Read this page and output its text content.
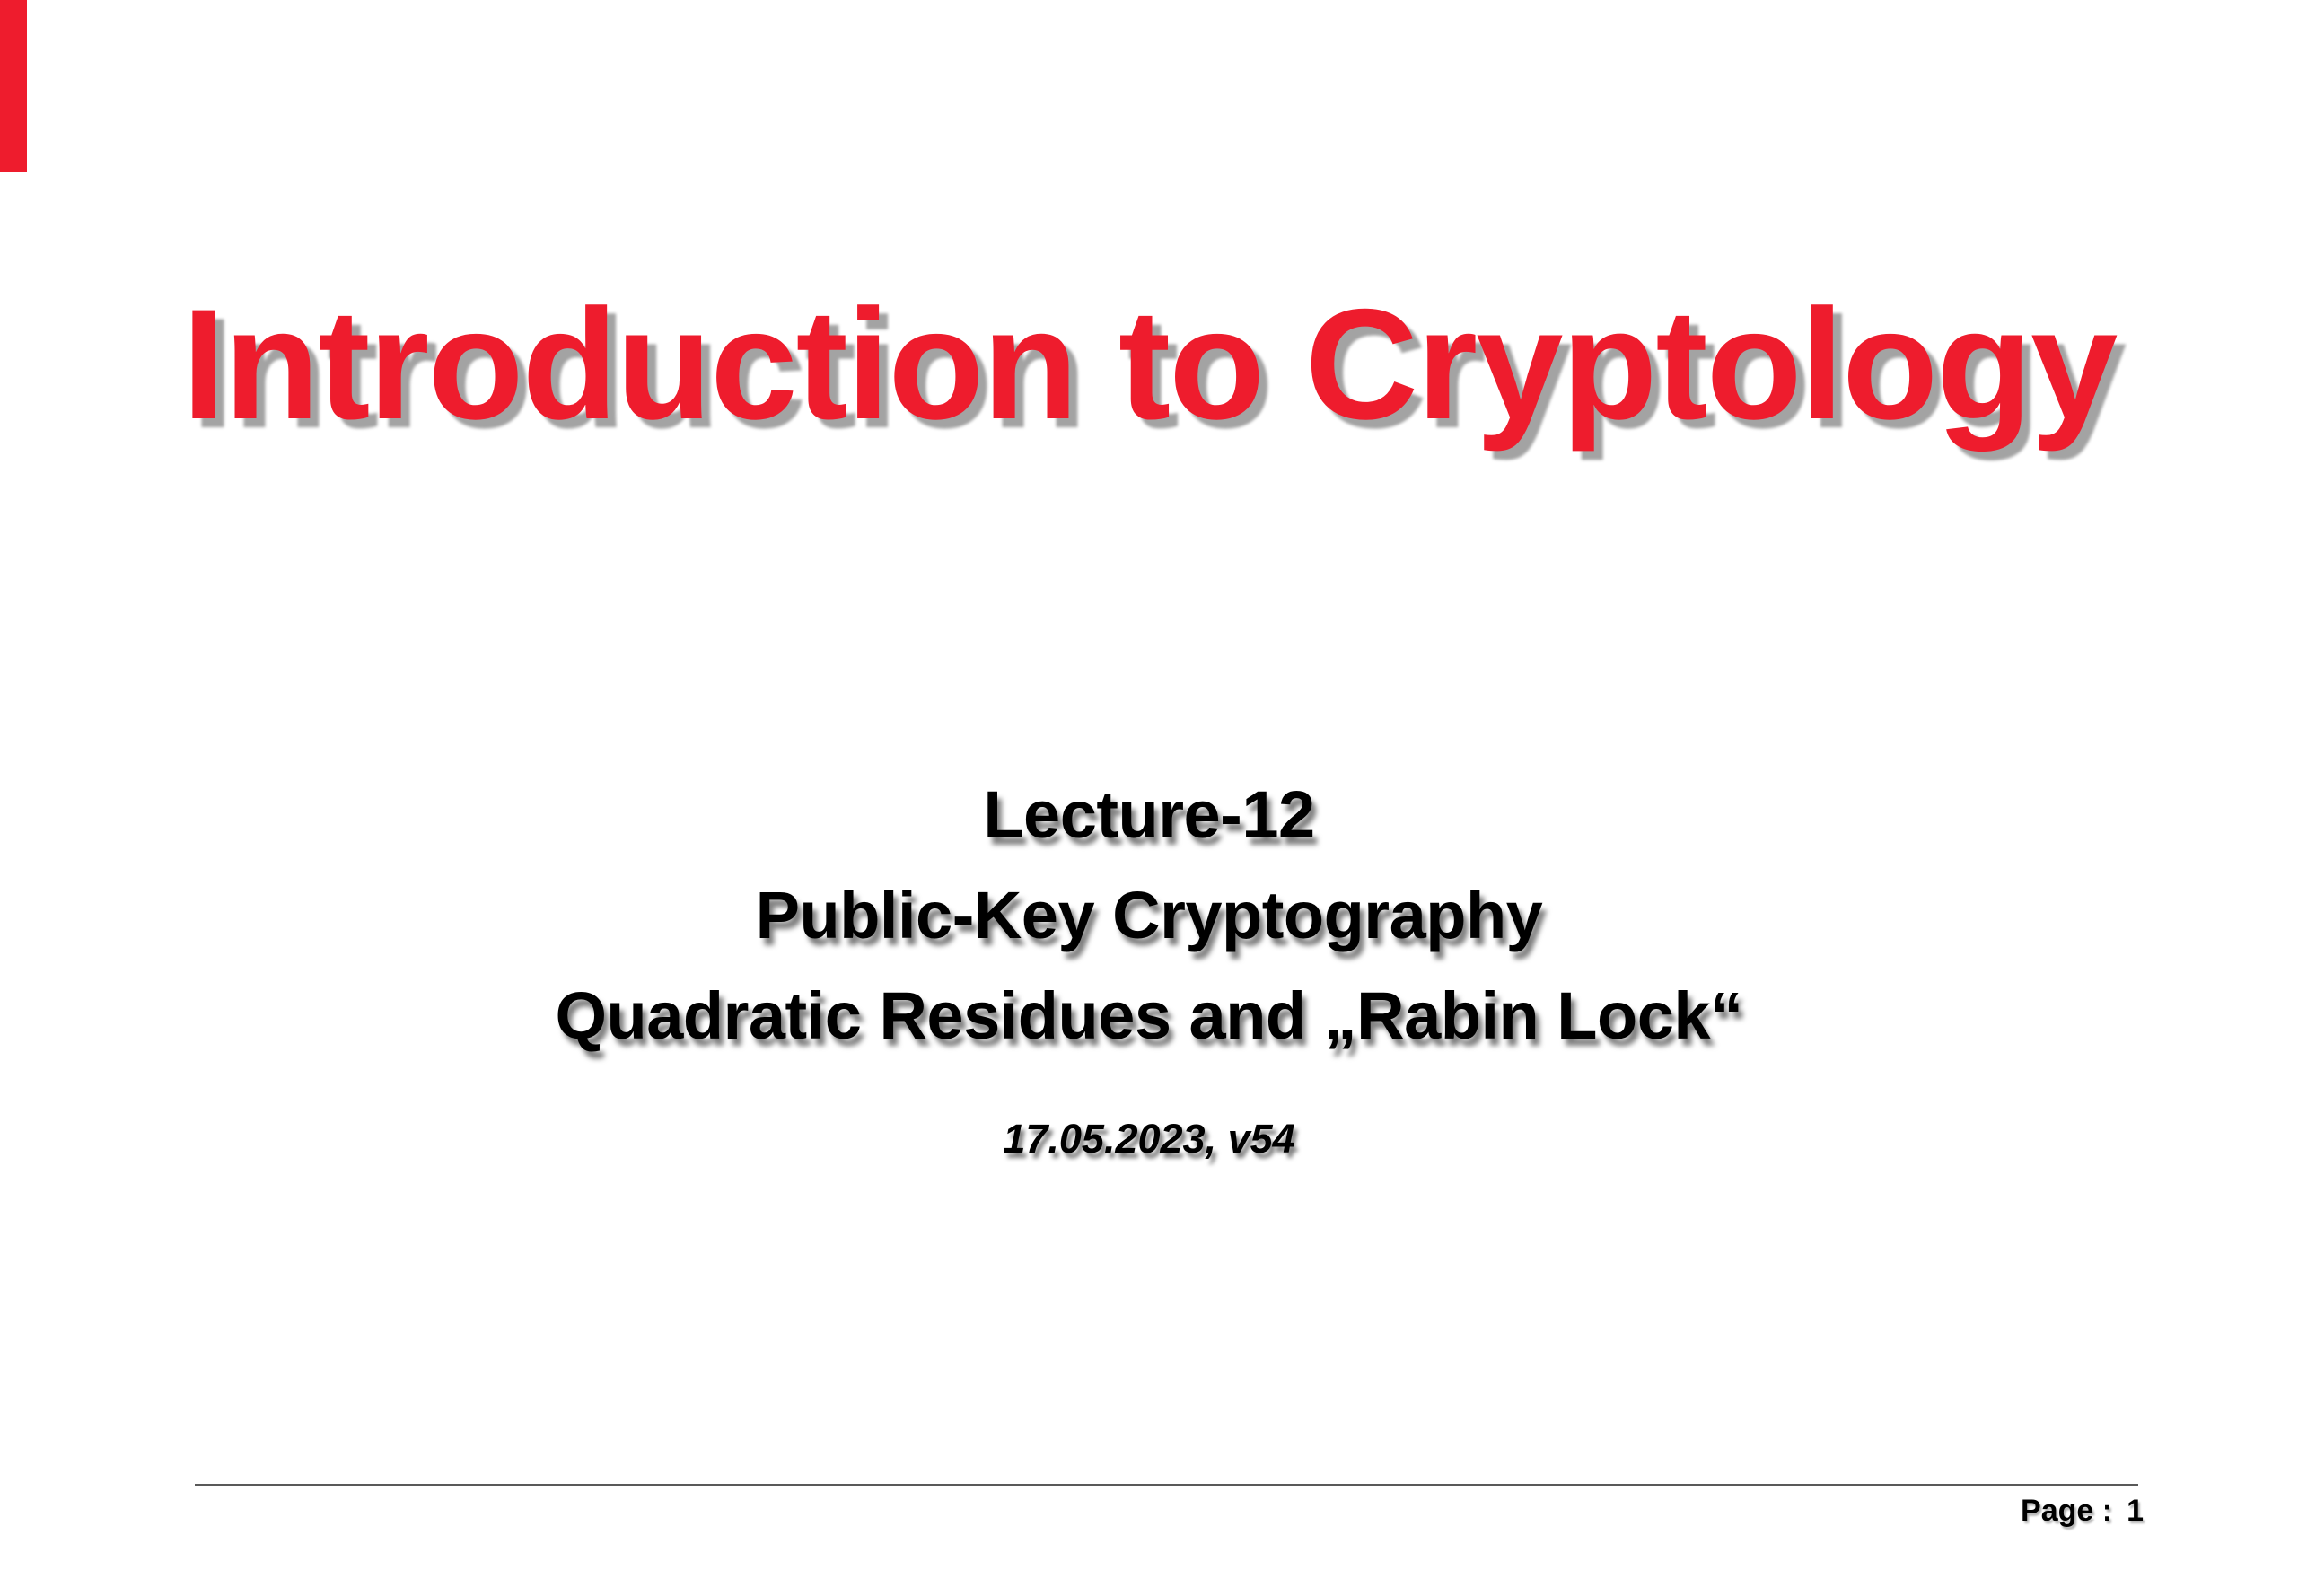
Introduction to Cryptology
Lecture-12
Public-Key Cryptography
Quadratic Residues and „Rabin Lock“
17.05.2023, v54
Page : 1
